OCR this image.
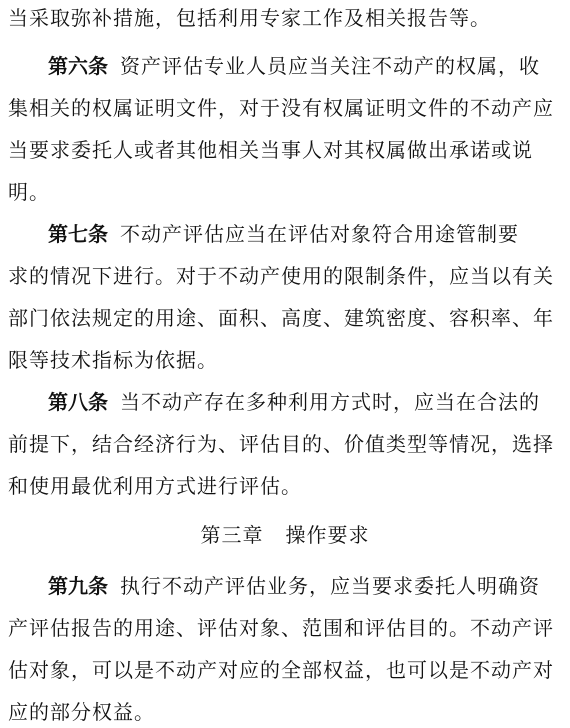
当采取弥补措施，包括利用专家工作及相关报告等。
第六条 资产评估专业人员应当关注不动产的权属，收
集相关的权属证明文件，对于没有权属证明文件的不动产应
当要求委托人或者其他相关当事人对其权属做出承诺或说
明。
第七条 不动产评估应当在评估对象符合用途管制要
求的情况下进行。对于不动产使用的限制条件，应当以有关
部门依法规定的用途、面积、高度、建筑密度、容积率、年
限等技术指标为依据。
第八条 当不动产存在多种利用方式时，应当在合法的
前提下，结合经济行为、评估目的、价值类型等情况，选择
和使用最优利用方式进行评估。
第三章   操作要求
第九条 执行不动产评估业务，应当要求委托人明确资
产评估报告的用途、评估对象、范围和评估目的。不动产评
估对象，可以是不动产对应的全部权益，也可以是不动产对
应的部分权益。
